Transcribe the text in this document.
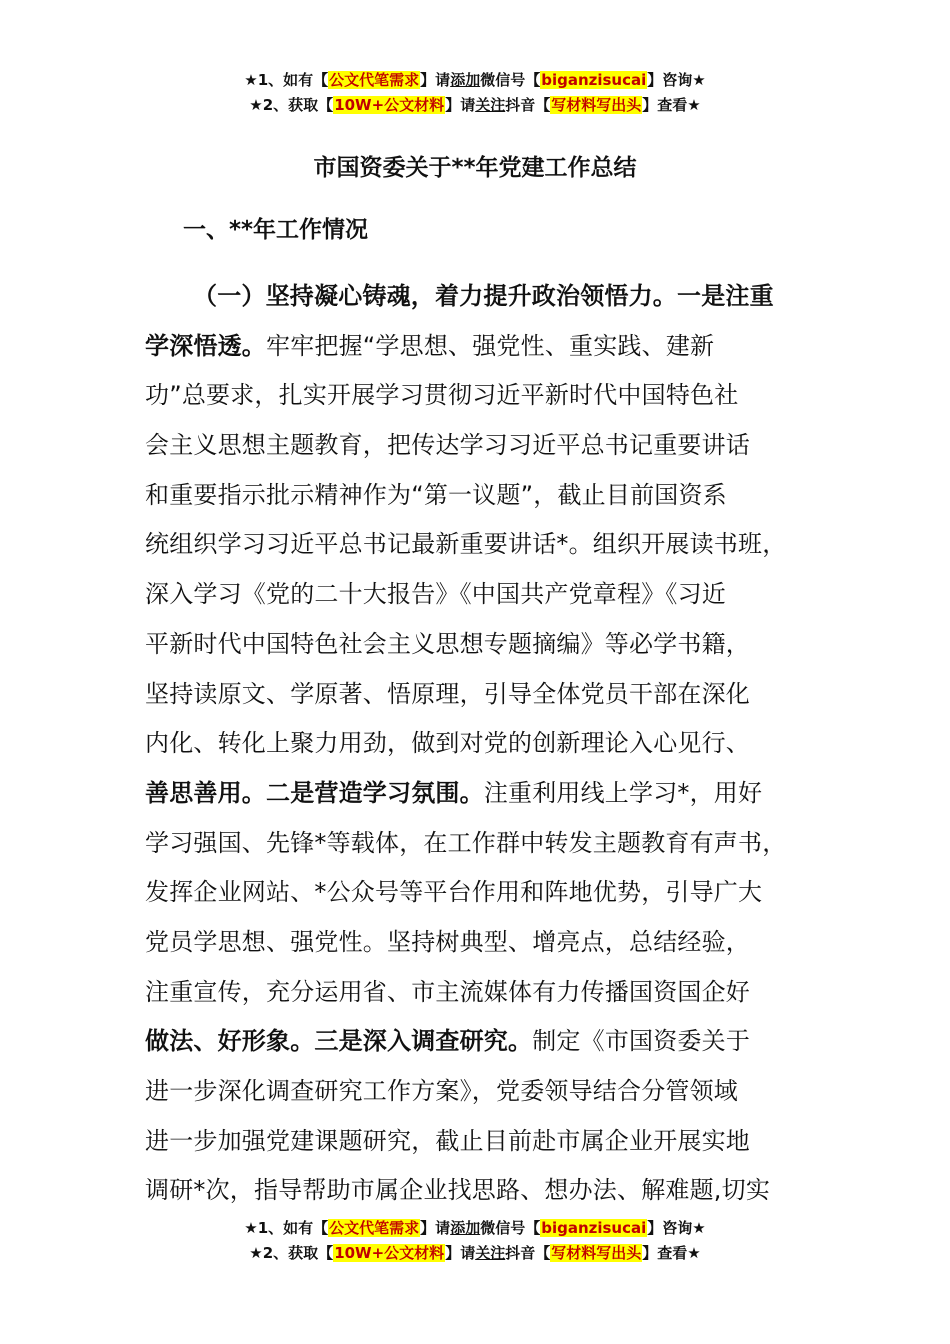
★1、如有【公文代笔需求】请添加微信号【biganzisucai】咨询★
★2、获取【10W+公文材料】请关注抖音【写材料写出头】查看★
市国资委关于**年党建工作总结
一、**年工作情况
（一）坚持凝心铸魂，着力提升政治领悟力。一是注重
学深悟透。牢牢把握“学思想、强党性、重实践、建新
功”总要求，扎实开展学习贯彻习近平新时代中国特色社
会主义思想主题教育，把传达学习习近平总书记重要讲话
和重要指示批示精神作为“第一议题”，截止目前国资系
统组织学习习近平总书记最新重要讲话*。组织开展读书班，
深入学习《党的二十大报告》《中国共产党章程》《习近
平新时代中国特色社会主义思想专题摘编》等必学书籍，
坚持读原文、学原著、悟原理，引导全体党员干部在深化
内化、转化上聚力用劲，做到对党的创新理论入心见行、
善思善用。二是营造学习氛围。注重利用线上学习*，用好
学习强国、先锋*等载体，在工作群中转发主题教育有声书，
发挥企业网站、*公众号等平台作用和阵地优势，引导广大
党员学思想、强党性。坚持树典型、增亮点，总结经验，
注重宣传，充分运用省、市主流媒体有力传播国资国企好
做法、好形象。三是深入调查研究。制定《市国资委关于
进一步深化调查研究工作方案》，党委领导结合分管领域
进一步加强党建课题研究，截止目前赴市属企业开展实地
调研*次，指导帮助市属企业找思路、想办法、解难题,切实
★1、如有【公文代笔需求】请添加微信号【biganzisucai】咨询★
★2、获取【10W+公文材料】请关注抖音【写材料写出头】查看★
